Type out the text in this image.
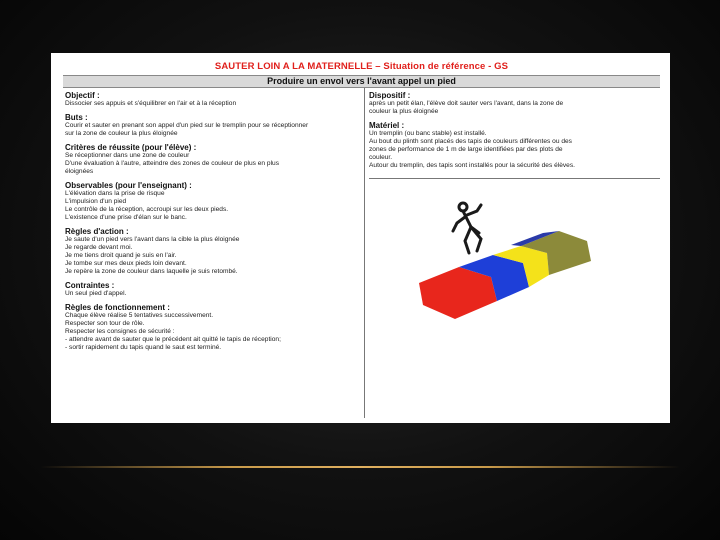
SAUTER LOIN A LA MATERNELLE – Situation de référence - GS
Produire un envol vers l'avant appel un pied
Objectif :
Dissocier ses appuis et s'équilibrer en l'air et à la réception
Buts :
Courir et sauter en prenant son appel d'un pied sur le tremplin pour se réceptionner
sur la zone de couleur la plus éloignée
Critères de réussite (pour l'élève) :
Se réceptionner dans une zone de couleur
D'une évaluation à l'autre, atteindre des zones de couleur de plus en plus
éloignées
Observables (pour l'enseignant) :
L'élévation dans la prise de risque
L'impulsion d'un pied
Le contrôle de la réception, accroupi sur les deux pieds.
L'existence d'une prise d'élan sur le banc.
Règles d'action :
Je saute d'un pied vers l'avant dans la cible la plus éloignée
Je regarde devant moi.
Je me tiens droit quand je suis en l'air.
Je tombe sur mes deux pieds loin devant.
Je repère la zone de couleur dans laquelle je suis retombé.
Contraintes :
Un seul pied d'appel.
Règles de fonctionnement :
Chaque élève réalise 5 tentatives successivement.
Respecter son tour de rôle.
Respecter les consignes de sécurité :
- attendre avant de sauter que le précédent ait quitté le tapis de réception;
- sortir rapidement du tapis quand le saut est terminé.
Dispositif :
après un petit élan, l'élève doit sauter vers l'avant, dans la zone de
couleur la plus éloignée
Matériel :
Un tremplin (ou banc stable) est installé.
Au bout du plinth sont placés des tapis de couleurs différentes ou des
zones de performance de 1 m de large identifiées par des plots de
couleur.
Autour du tremplin, des tapis sont installés pour la sécurité des élèves.
